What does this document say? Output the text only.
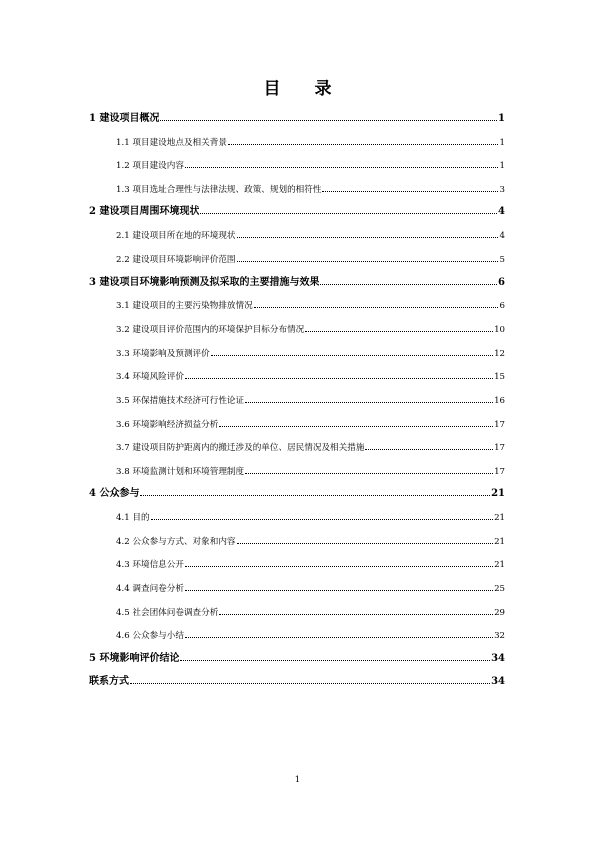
目 录
1 建设项目概况	1
1.1 项目建设地点及相关背景	1
1.2 项目建设内容	1
1.3 项目选址合理性与法律法规、政策、规划的相符性	3
2 建设项目周围环境现状	4
2.1 建设项目所在地的环境现状	4
2.2 建设项目环境影响评价范围	5
3 建设项目环境影响预测及拟采取的主要措施与效果	6
3.1 建设项目的主要污染物排放情况	6
3.2 建设项目评价范围内的环境保护目标分布情况	10
3.3 环境影响及预测评价	12
3.4 环境风险评价	15
3.5 环保措施技术经济可行性论证	16
3.6 环境影响经济损益分析	17
3.7 建设项目防护距离内的搬迁涉及的单位、居民情况及相关措施	17
3.8 环境监测计划和环境管理制度	17
4 公众参与	21
4.1 目的	21
4.2 公众参与方式、对象和内容	21
4.3 环境信息公开	21
4.4 调查问卷分析	25
4.5 社会团体问卷调查分析	29
4.6 公众参与小结	32
5 环境影响评价结论	34
联系方式	34
1
